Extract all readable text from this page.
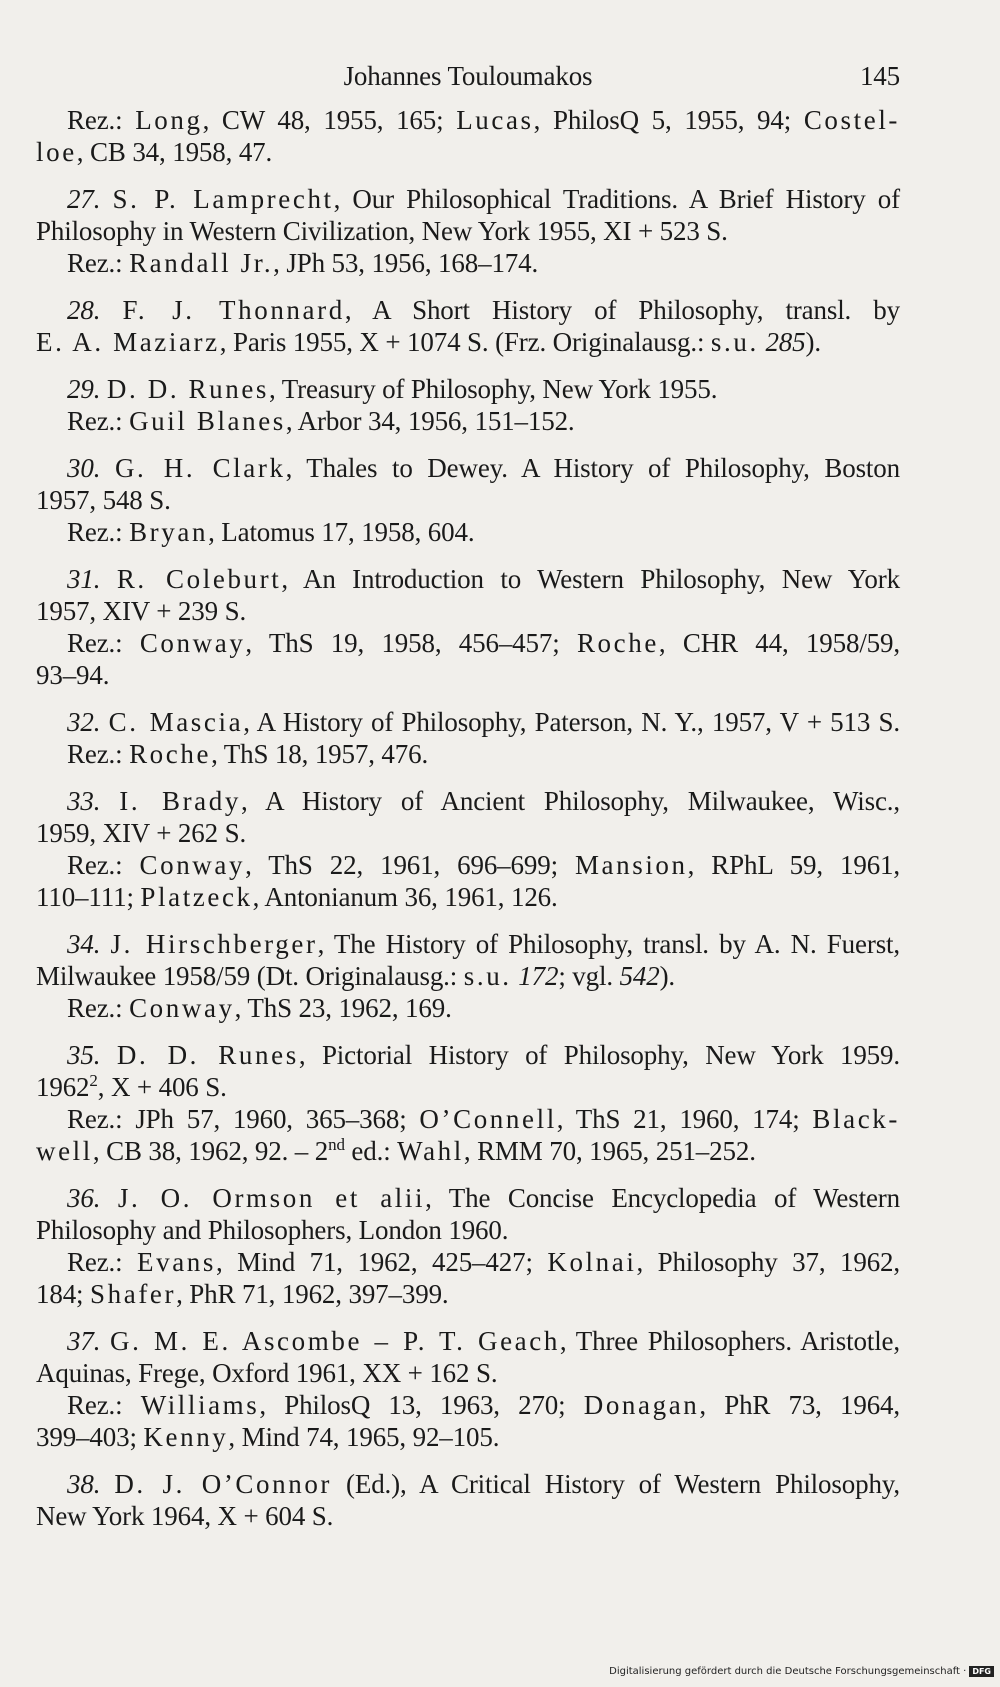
Johannes Touloumakos	145

Rez.: Long, CW 48, 1955, 165; Lucas, PhilosQ 5, 1955, 94; Costel-

loe, CB 34, 1958, 47.

27. S. P. Lamprecht, Our Philosophical Traditions. A Brief History of

Philosophy in Western Civilization, New York 1955, XI + 523 S.

Rez.: Randall Jr., JPh 53, 1956, 168–174.

28. F. J. Thonnard, A Short History of Philosophy, transl. by

E. A. Maziarz, Paris 1955, X + 1074 S. (Frz. Originalausg.: s.u. 285).

29. D. D. Runes, Treasury of Philosophy, New York 1955.

Rez.: Guil Blanes, Arbor 34, 1956, 151–152.

30. G. H. Clark, Thales to Dewey. A History of Philosophy, Boston

1957, 548 S.

Rez.: Bryan, Latomus 17, 1958, 604.

31. R. Coleburt, An Introduction to Western Philosophy, New York

1957, XIV + 239 S.

Rez.: Conway, ThS 19, 1958, 456–457; Roche, CHR 44, 1958/59,

93–94.

32. C. Mascia, A History of Philosophy, Paterson, N. Y., 1957, V + 513 S.

Rez.: Roche, ThS 18, 1957, 476.

33. I. Brady, A History of Ancient Philosophy, Milwaukee, Wisc.,

1959, XIV + 262 S.

Rez.: Conway, ThS 22, 1961, 696–699; Mansion, RPhL 59, 1961,

110–111; Platzeck, Antonianum 36, 1961, 126.

34. J. Hirschberger, The History of Philosophy, transl. by A. N. Fuerst,

Milwaukee 1958/59 (Dt. Originalausg.: s.u. 172; vgl. 542).

Rez.: Conway, ThS 23, 1962, 169.

35. D. D. Runes, Pictorial History of Philosophy, New York 1959.

1962$^2$, X + 406 S.

Rez.: JPh 57, 1960, 365–368; O’Connell, ThS 21, 1960, 174; Black-

well, CB 38, 1962, 92. – 2nd ed.: Wahl, RMM 70, 1965, 251–252.

36. J. O. Ormson et alii, The Concise Encyclopedia of Western

Philosophy and Philosophers, London 1960.

Rez.: Evans, Mind 71, 1962, 425–427; Kolnai, Philosophy 37, 1962,

184; Shafer, PhR 71, 1962, 397–399.

37. G. M. E. Ascombe – P. T. Geach, Three Philosophers. Aristotle,

Aquinas, Frege, Oxford 1961, XX + 162 S.

Rez.: Williams, PhilosQ 13, 1963, 270; Donagan, PhR 73, 1964,

399–403; Kenny, Mind 74, 1965, 92–105.

38. D. J. O’Connor (Ed.), A Critical History of Western Philosophy,

New York 1964, X + 604 S.

Digitalisierung gefördert durch die Deutsche Forschungsgemeinschaft · DFG
